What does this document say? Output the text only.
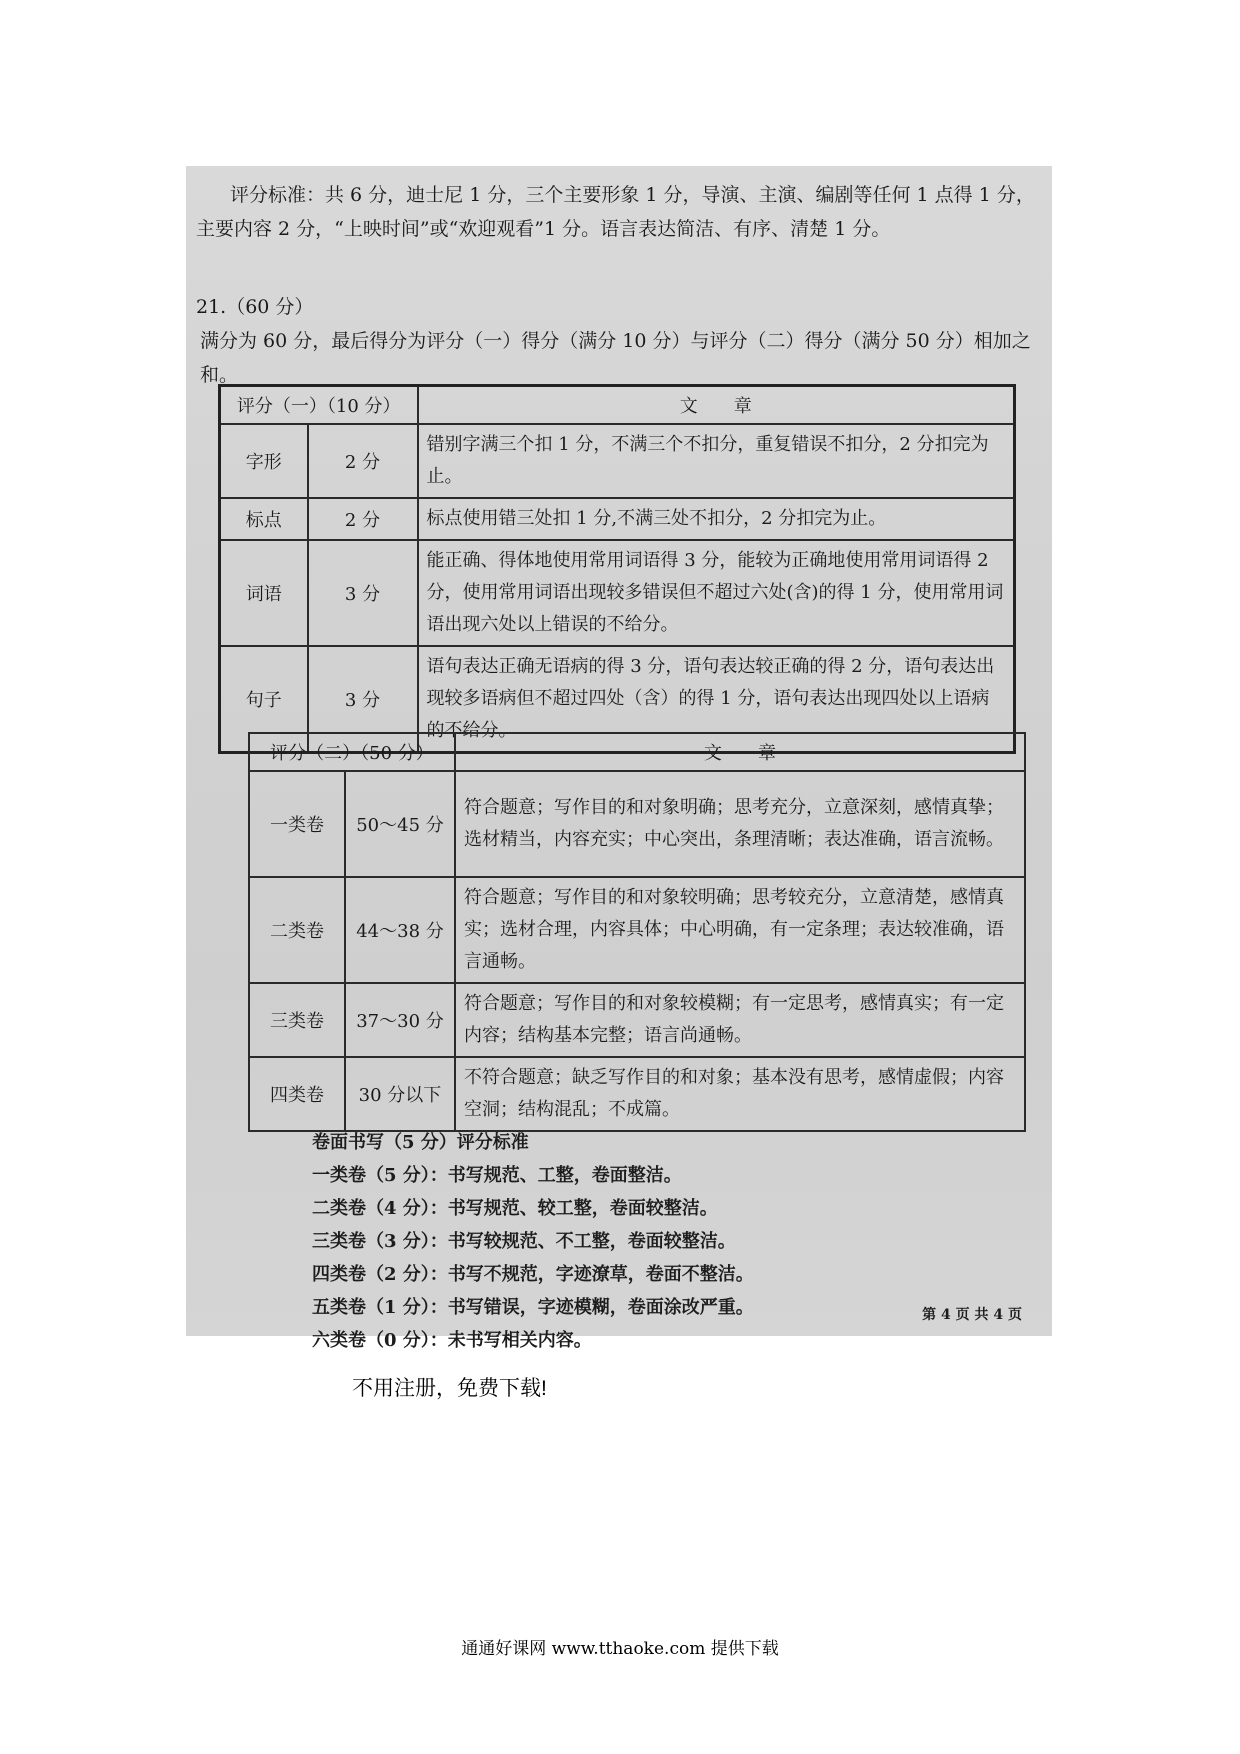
评分标准：共 6 分，迪士尼 1 分，三个主要形象 1 分，导演、主演、编剧等任何 1 点得 1 分，主要内容 2 分，“上映时间”或“欢迎观看”1 分。语言表达简洁、有序、清楚 1 分。
21.（60 分）
满分为 60 分，最后得分为评分（一）得分（满分 10 分）与评分（二）得分（满分 50 分）相加之和。
评分（一）（10 分）		文　　章
字形	2 分	错别字满三个扣 1 分，不满三个不扣分，重复错误不扣分，2 分扣完为止。
标点	2 分	标点使用错三处扣 1 分,不满三处不扣分，2 分扣完为止。
词语	3 分	能正确、得体地使用常用词语得 3 分，能较为正确地使用常用词语得 2 分，使用常用词语出现较多错误但不超过六处(含)的得 1 分，使用常用词语出现六处以上错误的不给分。
句子	3 分	语句表达正确无语病的得 3 分，语句表达较正确的得 2 分，语句表达出现较多语病但不超过四处（含）的得 1 分，语句表达出现四处以上语病的不给分。
评分（二）（50 分）		文　　章
一类卷	50～45 分	符合题意；写作目的和对象明确；思考充分，立意深刻，感情真挚；选材精当，内容充实；中心突出，条理清晰；表达准确，语言流畅。
二类卷	44～38 分	符合题意；写作目的和对象较明确；思考较充分，立意清楚，感情真实；选材合理，内容具体；中心明确，有一定条理；表达较准确，语言通畅。
三类卷	37～30 分	符合题意；写作目的和对象较模糊；有一定思考，感情真实；有一定内容；结构基本完整；语言尚通畅。
四类卷	30 分以下	不符合题意；缺乏写作目的和对象；基本没有思考，感情虚假；内容空洞；结构混乱；不成篇。
卷面书写（5 分）评分标准
一类卷（5 分）：书写规范、工整，卷面整洁。
二类卷（4 分）：书写规范、较工整，卷面较整洁。
三类卷（3 分）：书写较规范、不工整，卷面较整洁。
四类卷（2 分）：书写不规范，字迹潦草，卷面不整洁。
五类卷（1 分）：书写错误，字迹模糊，卷面涂改严重。
六类卷（0 分）：未书写相关内容。
第 4 页 共 4 页
不用注册，免费下载!
通通好课网 www.tthaoke.com 提供下载
